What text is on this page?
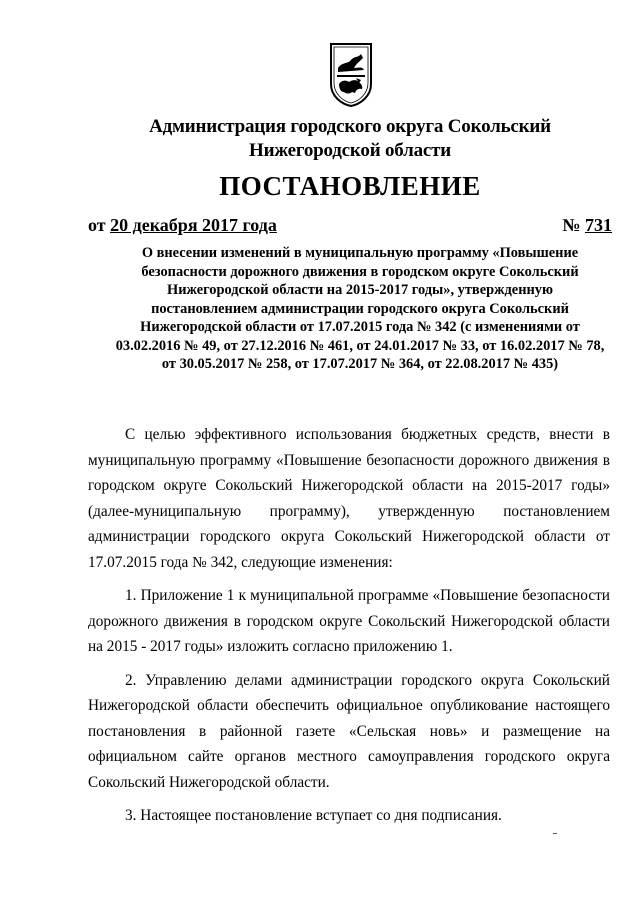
Администрация городского округа Сокольский
Нижегородской области
ПОСТАНОВЛЕНИЕ
от 20 декабря 2017 года	№ 731
О внесении изменений в муниципальную программу «Повышение
безопасности дорожного движения в городском округе Сокольский
Нижегородской области на 2015-2017 годы», утвержденную
постановлением администрации городского округа Сокольский
Нижегородской области от 17.07.2015 года № 342 (с изменениями от
03.02.2016 № 49, от 27.12.2016 № 461, от 24.01.2017 № 33, от 16.02.2017 № 78,
от 30.05.2017 № 258, от 17.07.2017 № 364, от 22.08.2017 № 435)
С целью эффективного использования бюджетных средств, внести в
муниципальную программу «Повышение безопасности дорожного движения в
городском округе Сокольский Нижегородской области на 2015-2017 годы»
(далее-муниципальную программу), утвержденную постановлением
администрации городского округа Сокольский Нижегородской области от
17.07.2015 года № 342, следующие изменения:
1. Приложение 1 к муниципальной программе «Повышение безопасности
дорожного движения в городском округе Сокольский Нижегородской области
на 2015 - 2017 годы» изложить согласно приложению 1.
2. Управлению делами администрации городского округа Сокольский
Нижегородской области обеспечить официальное опубликование настоящего
постановления в районной газете «Сельская новь» и размещение на
официальном сайте органов местного самоуправления городского округа
Сокольский Нижегородской области.
3. Настоящее постановление вступает со дня подписания.
